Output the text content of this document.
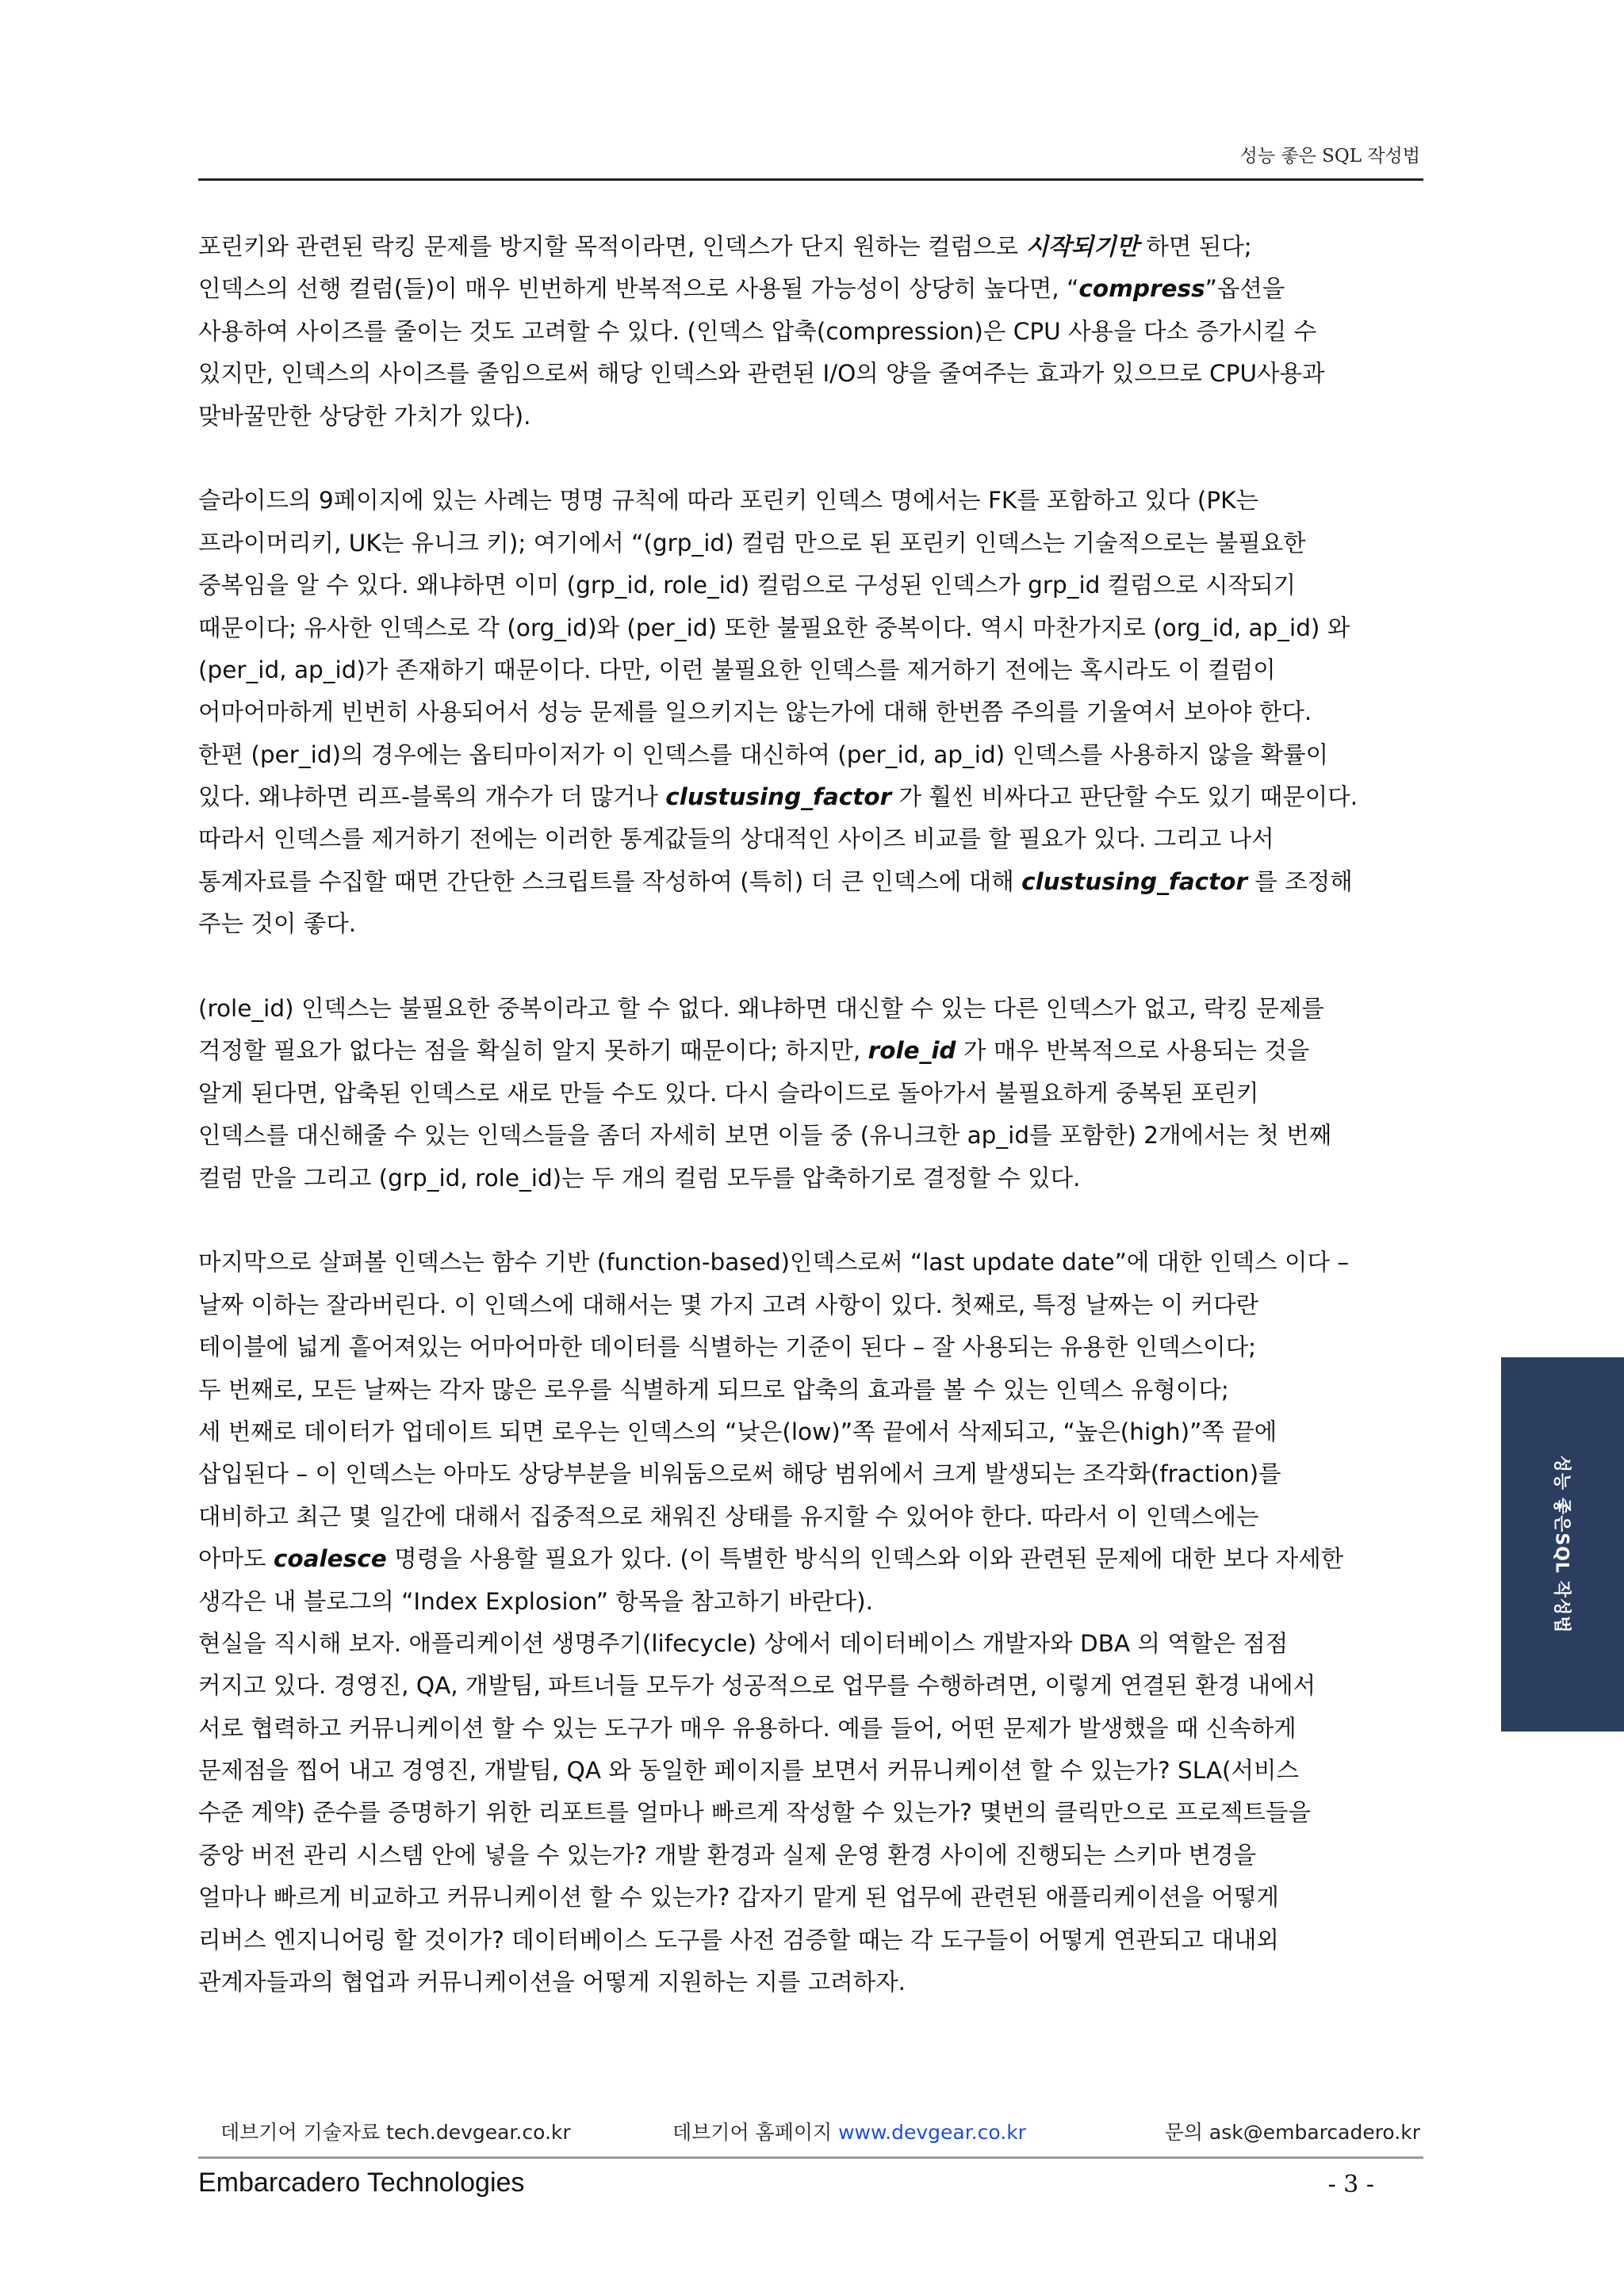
성능 좋은 SQL 작성법

포린키와 관련된 락킹 문제를 방지할 목적이라면, 인덱스가 단지 원하는 컬럼으로 시작되기만 하면 된다;
인덱스의 선행 컬럼(들)이 매우 빈번하게 반복적으로 사용될 가능성이 상당히 높다면, “compress”옵션을
사용하여 사이즈를 줄이는 것도 고려할 수 있다. (인덱스 압축(compression)은 CPU 사용을 다소 증가시킬 수
있지만, 인덱스의 사이즈를 줄임으로써 해당 인덱스와 관련된 I/O의 양을 줄여주는 효과가 있으므로 CPU사용과
맞바꿀만한 상당한 가치가 있다).

슬라이드의 9페이지에 있는 사례는 명명 규칙에 따라 포린키 인덱스 명에서는 FK를 포함하고 있다 (PK는
프라이머리키, UK는 유니크 키); 여기에서 “(grp_id) 컬럼 만으로 된 포린키 인덱스는 기술적으로는 불필요한
중복임을 알 수 있다. 왜냐하면 이미 (grp_id, role_id) 컬럼으로 구성된 인덱스가 grp_id 컬럼으로 시작되기
때문이다; 유사한 인덱스로 각 (org_id)와 (per_id) 또한 불필요한 중복이다. 역시 마찬가지로 (org_id, ap_id) 와
(per_id, ap_id)가 존재하기 때문이다. 다만, 이런 불필요한 인덱스를 제거하기 전에는 혹시라도 이 컬럼이
어마어마하게 빈번히 사용되어서 성능 문제를 일으키지는 않는가에 대해 한번쯤 주의를 기울여서 보아야 한다.
한편 (per_id)의 경우에는 옵티마이저가 이 인덱스를 대신하여 (per_id, ap_id) 인덱스를 사용하지 않을 확률이
있다. 왜냐하면 리프-블록의 개수가 더 많거나 clustusing_factor 가 훨씬 비싸다고 판단할 수도 있기 때문이다.
따라서 인덱스를 제거하기 전에는 이러한 통계값들의 상대적인 사이즈 비교를 할 필요가 있다. 그리고 나서
통계자료를 수집할 때면 간단한 스크립트를 작성하여 (특히) 더 큰 인덱스에 대해 clustusing_factor 를 조정해
주는 것이 좋다.

(role_id) 인덱스는 불필요한 중복이라고 할 수 없다. 왜냐하면 대신할 수 있는 다른 인덱스가 없고, 락킹 문제를
걱정할 필요가 없다는 점을 확실히 알지 못하기 때문이다; 하지만, role_id 가 매우 반복적으로 사용되는 것을
알게 된다면, 압축된 인덱스로 새로 만들 수도 있다. 다시 슬라이드로 돌아가서 불필요하게 중복된 포린키
인덱스를 대신해줄 수 있는 인덱스들을 좀더 자세히 보면 이들 중 (유니크한 ap_id를 포함한) 2개에서는 첫 번째
컬럼 만을 그리고 (grp_id, role_id)는 두 개의 컬럼 모두를 압축하기로 결정할 수 있다.

마지막으로 살펴볼 인덱스는 함수 기반 (function-based)인덱스로써 “last update date”에 대한 인덱스 이다 –
날짜 이하는 잘라버린다. 이 인덱스에 대해서는 몇 가지 고려 사항이 있다. 첫째로, 특정 날짜는 이 커다란
테이블에 넓게 흩어져있는 어마어마한 데이터를 식별하는 기준이 된다 – 잘 사용되는 유용한 인덱스이다;
두 번째로, 모든 날짜는 각자 많은 로우를 식별하게 되므로 압축의 효과를 볼 수 있는 인덱스 유형이다;
세 번째로 데이터가 업데이트 되면 로우는 인덱스의 “낮은(low)”쪽 끝에서 삭제되고, “높은(high)”쪽 끝에
삽입된다 – 이 인덱스는 아마도 상당부분을 비워둠으로써 해당 범위에서 크게 발생되는 조각화(fraction)를
대비하고 최근 몇 일간에 대해서 집중적으로 채워진 상태를 유지할 수 있어야 한다. 따라서 이 인덱스에는
아마도 coalesce 명령을 사용할 필요가 있다. (이 특별한 방식의 인덱스와 이와 관련된 문제에 대한 보다 자세한
생각은 내 블로그의 “Index Explosion” 항목을 참고하기 바란다).

현실을 직시해 보자. 애플리케이션 생명주기(lifecycle) 상에서 데이터베이스 개발자와 DBA 의 역할은 점점
커지고 있다. 경영진, QA, 개발팀, 파트너들 모두가 성공적으로 업무를 수행하려면, 이렇게 연결된 환경 내에서
서로 협력하고 커뮤니케이션 할 수 있는 도구가 매우 유용하다. 예를 들어, 어떤 문제가 발생했을 때 신속하게
문제점을 찝어 내고 경영진, 개발팀, QA 와 동일한 페이지를 보면서 커뮤니케이션 할 수 있는가? SLA(서비스
수준 계약) 준수를 증명하기 위한 리포트를 얼마나 빠르게 작성할 수 있는가? 몇번의 클릭만으로 프로젝트들을
중앙 버전 관리 시스템 안에 넣을 수 있는가? 개발 환경과 실제 운영 환경 사이에 진행되는 스키마 변경을
얼마나 빠르게 비교하고 커뮤니케이션 할 수 있는가? 갑자기 맡게 된 업무에 관련된 애플리케이션을 어떻게
리버스 엔지니어링 할 것이가? 데이터베이스 도구를 사전 검증할 때는 각 도구들이 어떻게 연관되고 대내외
관계자들과의 협업과 커뮤니케이션을 어떻게 지원하는 지를 고려하자.

성능 좋은SQL 작성법
데브기어 기술자료 tech.devgear.co.kr	데브기어 홈페이지 www.devgear.co.kr	문의 ask@embarcadero.kr
Embarcadero Technologies	- 3 -
